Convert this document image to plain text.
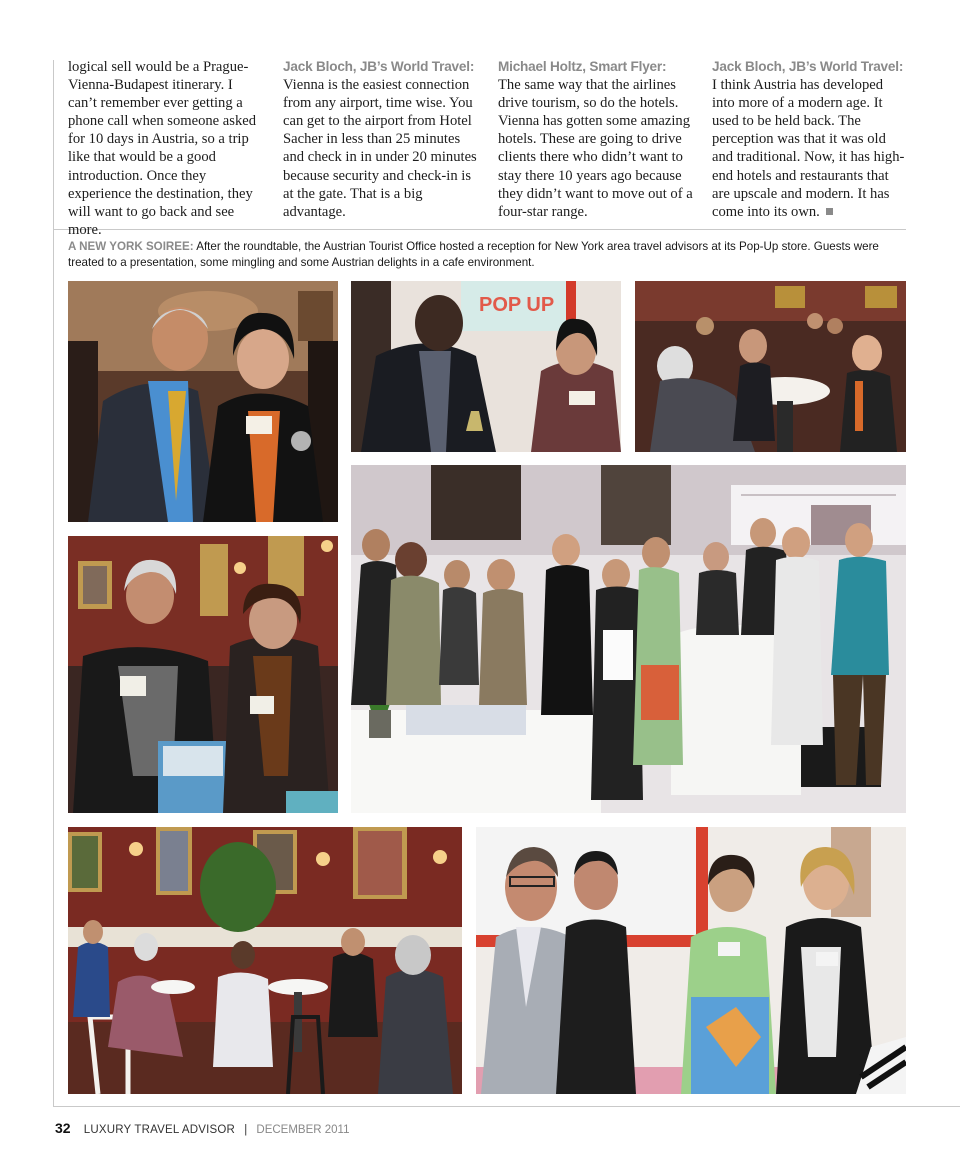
logical sell would be a Prague-Vienna-Budapest itinerary. I can’t remember ever getting a phone call when someone asked for 10 days in Austria, so a trip like that would be a good introduction. Once they experience the destination, they will want to go back and see more.

Jack Bloch, JB’s World Travel:
Vienna is the easiest connection from any airport, time wise. You can get to the airport from Hotel Sacher in less than 25 minutes and check in in under 20 minutes because security and check-in is at the gate. That is a big advantage.

Michael Holtz, Smart Flyer:
The same way that the airlines drive tourism, so do the hotels. Vienna has gotten some amazing hotels. These are going to drive clients there who didn’t want to stay there 10 years ago because they didn’t want to move out of a four-star range.

Jack Bloch, JB’s World Travel:
I think Austria has developed into more of a modern age. It used to be held back. The perception was that it was old and traditional. Now, it has high-end hotels and restaurants that are upscale and modern. It has come into its own.

A NEW YORK SOIREE: After the roundtable, the Austrian Tourist Office hosted a reception for New York area travel advisors at its Pop-Up store. Guests were treated to a presentation, some mingling and some Austrian delights in a cafe environment.
POP UP
32 LUXURY TRAVEL ADVISOR | DECEMBER 2011
